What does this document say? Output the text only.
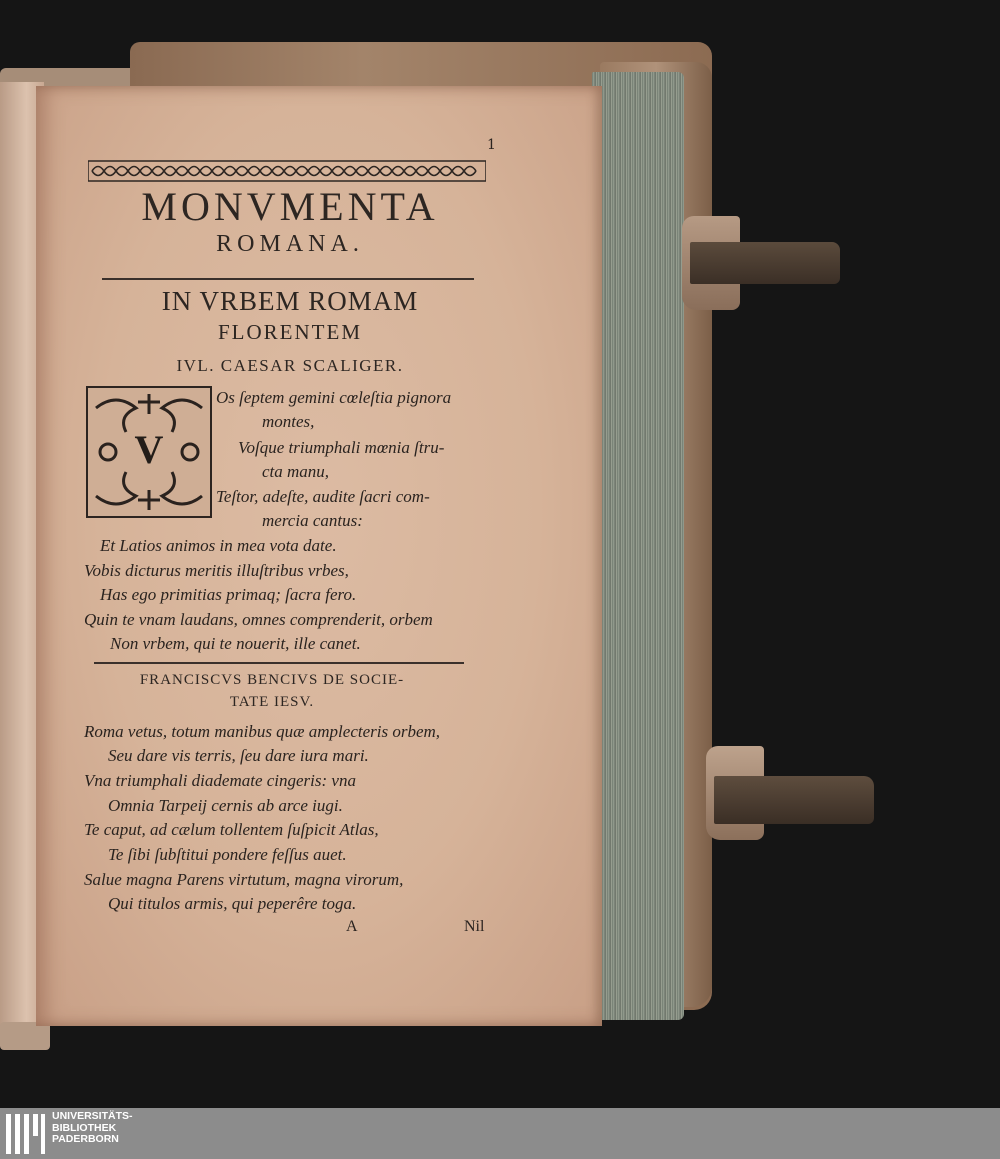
1
MONVMENTA
ROMANA.
IN VRBEM ROMAM
FLORENTEM
IVL. CAESAR SCALIGER.
V
Os ſeptem gemini cœleſtia pignora
montes,
Voſque triumphali mœnia ſtru-
cta manu,
Teſtor, adeſte, audite ſacri com-
mercia cantus:
Et Latios animos in mea vota date.
Vobis dicturus meritis illuſtribus vrbes,
Has ego primitias primaq; ſacra fero.
Quin te vnam laudans, omnes comprenderit, orbem
Non vrbem, qui te nouerit, ille canet.
FRANCISCVS BENCIVS DE SOCIE-
TATE IESV.
Roma vetus, totum manibus quæ amplecteris orbem,
Seu dare vis terris, ſeu dare iura mari.
Vna triumphali diademate cingeris: vna
Omnia Tarpeij cernis ab arce iugi.
Te caput, ad cælum tollentem ſuſpicit Atlas,
Te ſibi ſubſtitui pondere feſſus auet.
Salue magna Parens virtutum, magna virorum,
Qui titulos armis, qui peperêre toga.
A	Nil
UNIVERSITÄTS-
BIBLIOTHEK
PADERBORN
